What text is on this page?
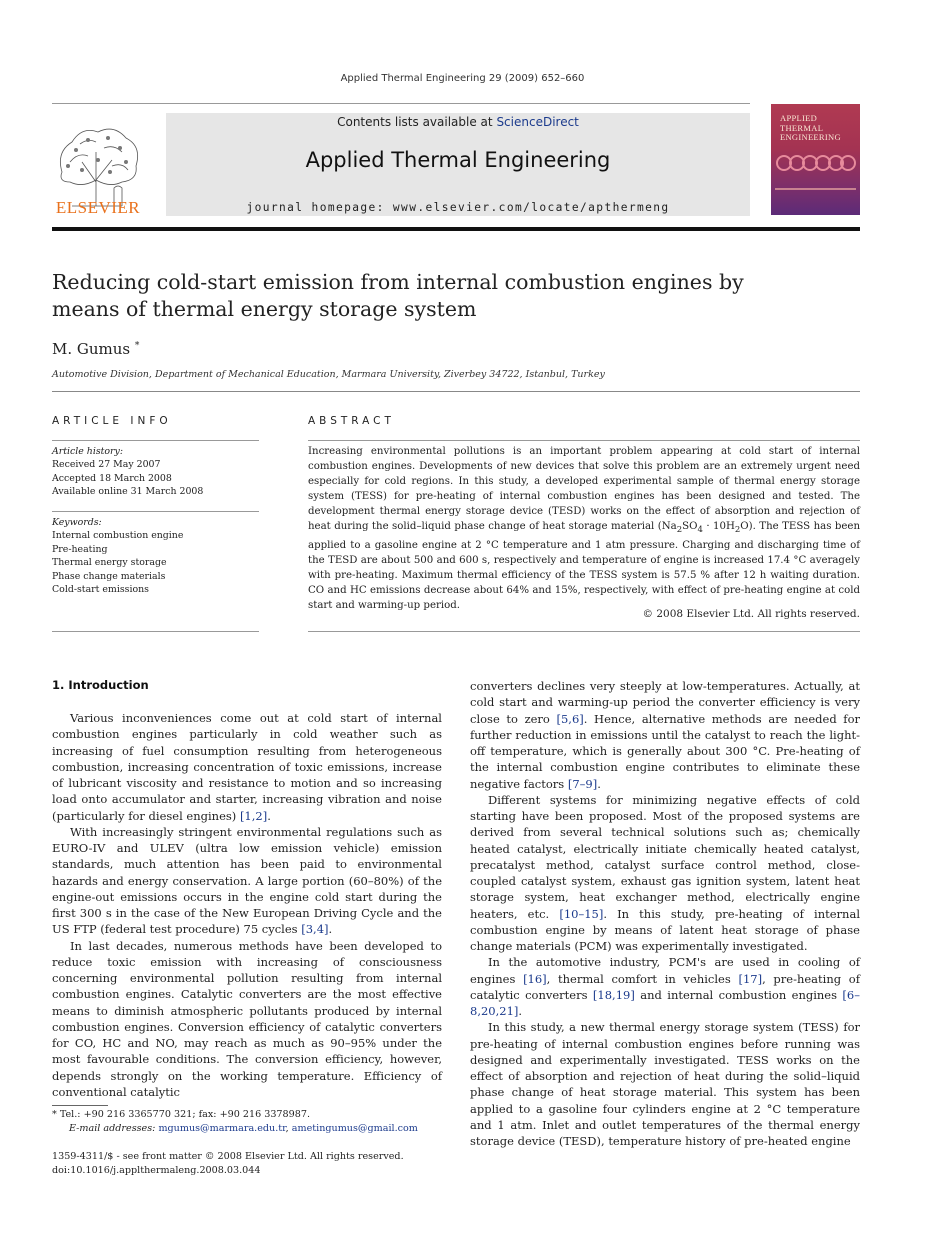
Applied Thermal Engineering 29 (2009) 652–660
ELSEVIER
Contents lists available at ScienceDirect
Applied Thermal Engineering
journal homepage: www.elsevier.com/locate/apthermeng
APPLIED
THERMAL
ENGINEERING
Reducing cold-start emission from internal combustion engines by means of thermal energy storage system
M. Gumus *
Automotive Division, Department of Mechanical Education, Marmara University, Ziverbey 34722, Istanbul, Turkey
ARTICLE INFO
Article history:
Received 27 May 2007
Accepted 18 March 2008
Available online 31 March 2008
Keywords:
Internal combustion engine
Pre-heating
Thermal energy storage
Phase change materials
Cold-start emissions
ABSTRACT
Increasing environmental pollutions is an important problem appearing at cold start of internal combustion engines. Developments of new devices that solve this problem are an extremely urgent need especially for cold regions. In this study, a developed experimental sample of thermal energy storage system (TESS) for pre-heating of internal combustion engines has been designed and tested. The development thermal energy storage device (TESD) works on the effect of absorption and rejection of heat during the solid–liquid phase change of heat storage material $(Na_2SO_4 \cdot 10H_2O)$. The TESS has been applied to a gasoline engine at 2 °C temperature and 1 atm pressure. Charging and discharging time of the TESD are about 500 and 600 s, respectively and temperature of engine is increased 17.4 °C averagely with pre-heating. Maximum thermal efficiency of the TESS system is 57.5 % after 12 h waiting duration. CO and HC emissions decrease about 64% and 15%, respectively, with effect of pre-heating engine at cold start and warming-up period.
© 2008 Elsevier Ltd. All rights reserved.
1. Introduction

Various inconveniences come out at cold start of internal combustion engines particularly in cold weather such as increasing of fuel consumption resulting from heterogeneous combustion, increasing concentration of toxic emissions, increase of lubricant viscosity and resistance to motion and so increasing load onto accumulator and starter, increasing vibration and noise (particularly for diesel engines) [1,2].

With increasingly stringent environmental regulations such as EURO-IV and ULEV (ultra low emission vehicle) emission standards, much attention has been paid to environmental hazards and energy conservation. A large portion (60–80%) of the engine-out emissions occurs in the engine cold start during the first 300 s in the case of the New European Driving Cycle and the US FTP (federal test procedure) 75 cycles [3,4].

In last decades, numerous methods have been developed to reduce toxic emission with increasing of consciousness concerning environmental pollution resulting from internal combustion engines. Catalytic converters are the most effective means to diminish atmospheric pollutants produced by internal combustion engines. Conversion efficiency of catalytic converters for CO, HC and NO, may reach as much as 90–95% under the most favourable conditions. The conversion efficiency, however, depends strongly on the working temperature. Efficiency of conventional catalytic

converters declines very steeply at low-temperatures. Actually, at cold start and warming-up period the converter efficiency is very close to zero [5,6]. Hence, alternative methods are needed for further reduction in emissions until the catalyst to reach the light-off temperature, which is generally about 300 °C. Pre-heating of the internal combustion engine contributes to eliminate these negative factors [7–9].

Different systems for minimizing negative effects of cold starting have been proposed. Most of the proposed systems are derived from several technical solutions such as; chemically heated catalyst, electrically initiate chemically heated catalyst, precatalyst method, catalyst surface control method, close-coupled catalyst system, exhaust gas ignition system, latent heat storage system, heat exchanger method, electrically engine heaters, etc. [10–15]. In this study, pre-heating of internal combustion engine by means of latent heat storage of phase change materials (PCM) was experimentally investigated.

In the automotive industry, PCM's are used in cooling of engines [16], thermal comfort in vehicles [17], pre-heating of catalytic converters [18,19] and internal combustion engines [6–8,20,21].

In this study, a new thermal energy storage system (TESS) for pre-heating of internal combustion engines before running was designed and experimentally investigated. TESS works on the effect of absorption and rejection of heat during the solid–liquid phase change of heat storage material. This system has been applied to a gasoline four cylinders engine at 2 °C temperature and 1 atm. Inlet and outlet temperatures of the thermal energy storage device (TESD), temperature history of pre-heated engine

* Tel.: +90 216 3365770 321; fax: +90 216 3378987.
E-mail addresses: mgumus@marmara.edu.tr, ametingumus@gmail.com
1359-4311/$ - see front matter © 2008 Elsevier Ltd. All rights reserved.
doi:10.1016/j.applthermaleng.2008.03.044
